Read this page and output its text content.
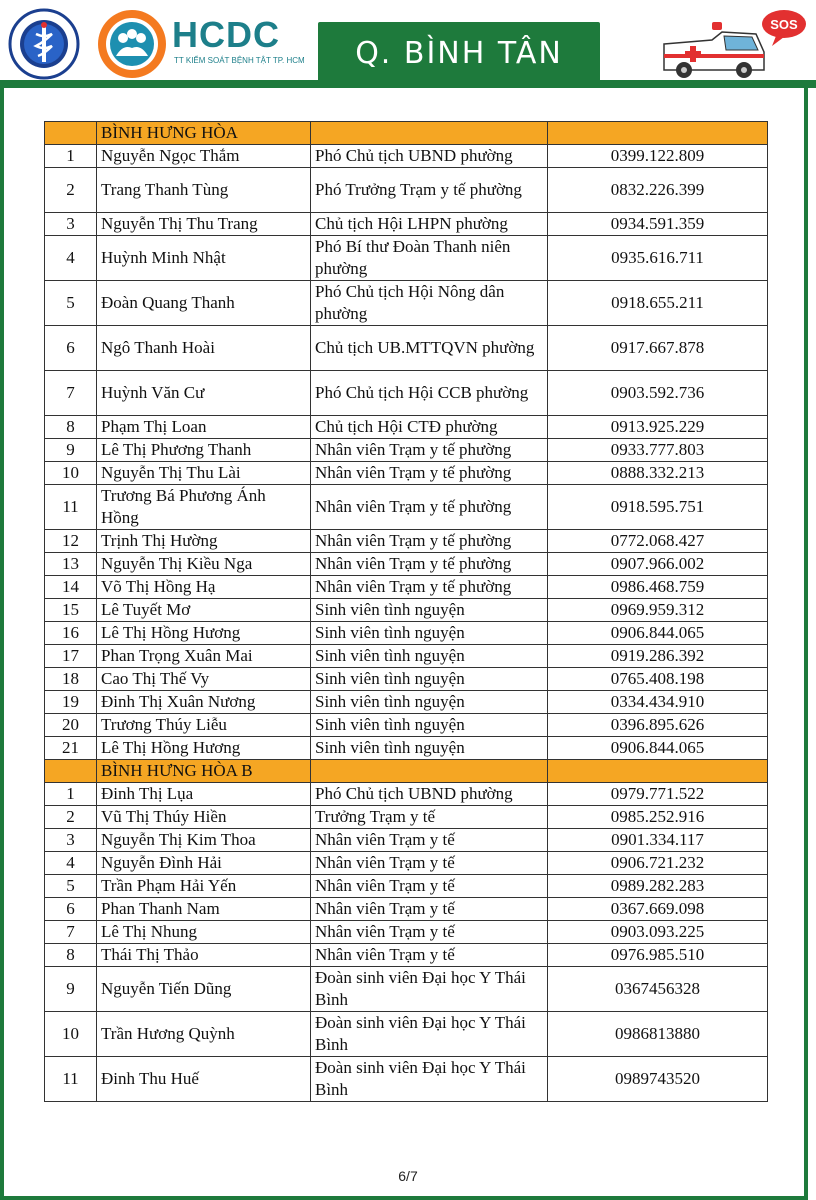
HCDC
TT KIỂM SOÁT BỆNH TẬT TP. HCM	Q. BÌNH TÂN
SOS
	BÌNH HƯNG HÒA		
1	Nguyễn Ngọc Thắm	Phó Chủ tịch UBND phường	0399.122.809
2	Trang Thanh Tùng	Phó Trưởng Trạm y tế phường	0832.226.399
3	Nguyễn Thị Thu Trang	Chủ tịch Hội LHPN phường	0934.591.359
4	Huỳnh Minh Nhật	Phó Bí thư Đoàn Thanh niên phường	0935.616.711
5	Đoàn Quang Thanh	Phó Chủ tịch Hội Nông dân phường	0918.655.211
6	Ngô Thanh Hoài	Chủ tịch UB.MTTQVN phường	0917.667.878
7	Huỳnh Văn Cư	Phó Chủ tịch Hội CCB phường	0903.592.736
8	Phạm Thị Loan	Chủ tịch Hội CTĐ phường	0913.925.229
9	Lê Thị Phương Thanh	Nhân viên Trạm y tế phường	0933.777.803
10	Nguyễn Thị Thu Lài	Nhân viên Trạm y tế phường	0888.332.213
11	Trương Bá Phương Ánh Hồng	Nhân viên Trạm y tế phường	0918.595.751
12	Trịnh Thị Hường	Nhân viên Trạm y tế phường	0772.068.427
13	Nguyễn Thị Kiều Nga	Nhân viên Trạm y tế phường	0907.966.002
14	Võ Thị Hồng Hạ	Nhân viên Trạm y tế phường	0986.468.759
15	Lê Tuyết Mơ	Sinh viên tình nguyện	0969.959.312
16	Lê Thị Hồng Hương	Sinh viên tình nguyện	0906.844.065
17	Phan Trọng Xuân Mai	Sinh viên tình nguyện	0919.286.392
18	Cao Thị Thế Vy	Sinh viên tình nguyện	0765.408.198
19	Đinh Thị Xuân Nương	Sinh viên tình nguyện	0334.434.910
20	Trương Thúy Liễu	Sinh viên tình nguyện	0396.895.626
21	Lê Thị Hồng Hương	Sinh viên tình nguyện	0906.844.065
	BÌNH HƯNG HÒA B		
1	Đinh Thị Lụa	Phó Chủ tịch UBND phường	0979.771.522
2	Vũ Thị Thúy Hiền	Trưởng Trạm y tế	0985.252.916
3	Nguyễn Thị Kim Thoa	Nhân viên Trạm y tế	0901.334.117
4	Nguyễn Đình Hải	Nhân viên Trạm y tế	0906.721.232
5	Trần Phạm Hải Yến	Nhân viên Trạm y tế	0989.282.283
6	Phan Thanh Nam	Nhân viên Trạm y tế	0367.669.098
7	Lê Thị Nhung	Nhân viên Trạm y tế	0903.093.225
8	Thái Thị Thảo	Nhân viên Trạm y tế	0976.985.510
9	Nguyễn Tiến Dũng	Đoàn sinh viên Đại học Y Thái Bình	0367456328
10	Trần Hương Quỳnh	Đoàn sinh viên Đại học Y Thái Bình	0986813880
11	Đinh Thu Huế	Đoàn sinh viên Đại học Y Thái Bình	0989743520
6/7
